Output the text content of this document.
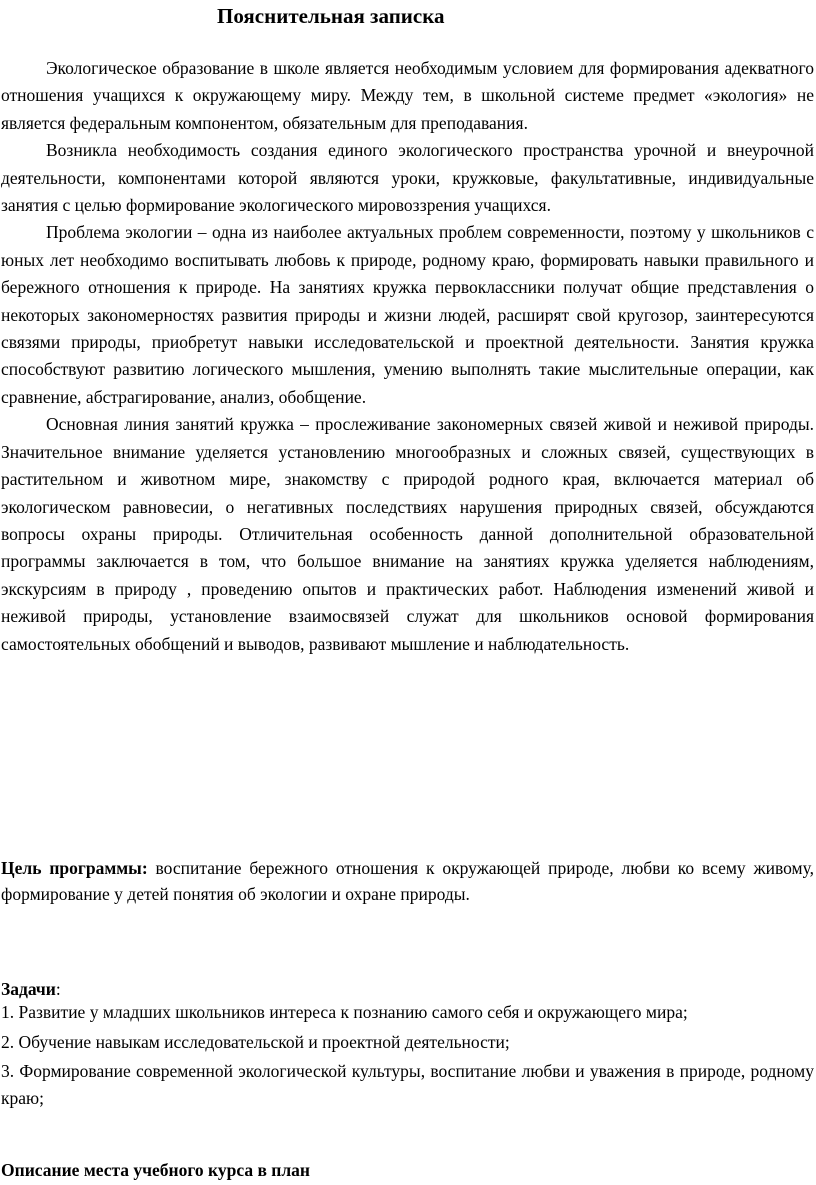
Пояснительная записка

Экологическое образование в школе является необходимым условием для формирования адекватного отношения учащихся к окружающему миру. Между тем, в школьной системе предмет «экология» не является федеральным компонентом, обязательным для преподавания.

Возникла необходимость создания единого экологического пространства урочной и внеурочной деятельности, компонентами которой являются уроки, кружковые, факультативные, индивидуальные занятия с целью формирование экологического мировоззрения учащихся.

Проблема экологии – одна из наиболее актуальных проблем современности, поэтому у школьников с юных лет необходимо воспитывать любовь к природе, родному краю, формировать навыки правильного и бережного отношения к природе. На занятиях кружка первоклассники получат общие представления о некоторых закономерностях развития природы и жизни людей, расширят свой кругозор, заинтересуются связями природы, приобретут навыки исследовательской и проектной деятельности. Занятия кружка способствуют развитию логического мышления, умению выполнять такие мыслительные операции, как сравнение, абстрагирование, анализ, обобщение.

Основная линия занятий кружка – прослеживание закономерных связей живой и неживой природы. Значительное внимание уделяется установлению многообразных и сложных связей, существующих в растительном и животном мире, знакомству с природой родного края, включается материал об экологическом равновесии, о негативных последствиях нарушения природных связей, обсуждаются вопросы охраны природы. Отличительная особенность данной дополнительной образовательной программы заключается в том, что большое внимание на занятиях кружка уделяется наблюдениям, экскурсиям в природу , проведению опытов и практических работ. Наблюдения изменений живой и неживой природы, установление взаимосвязей служат для школьников основой формирования самостоятельных обобщений и выводов, развивают мышление и наблюдательность.

Цель программы: воспитание бережного отношения к окружающей природе, любви ко всему живому, формирование у детей понятия об экологии и охране природы.
Задачи:
1. Развитие у младших школьников интереса к познанию самого себя и окружающего мира;
2. Обучение навыкам исследовательской и проектной деятельности;
3. Формирование современной экологической культуры, воспитание любви и уважения в природе, родному краю;
Описание места учебного курса в план
